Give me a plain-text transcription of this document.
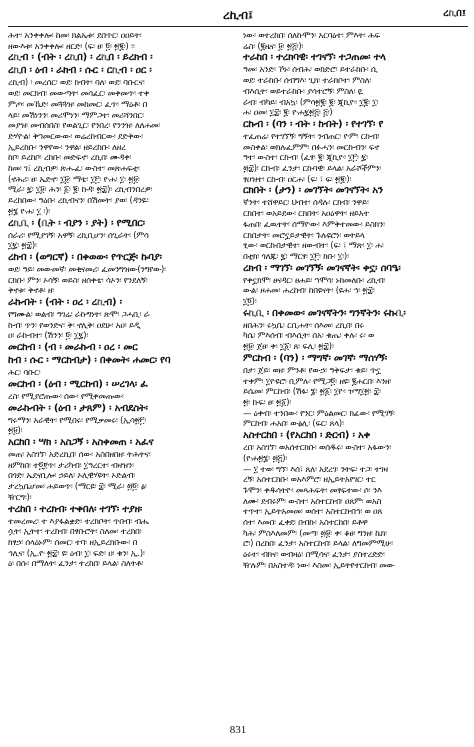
ረኪብ፤	ረኪበ፤
ሕተ፡ አንቀቀሎ፡ ከመ፡ ክልኤቱ፡ ደበጥር፡ ዐዐይት፡
ዘውእቱ፡ አንቀቀሎ፡ ዘርድ፡ (ፍ፡ ፀ፡ ፬፡ ፳፪፡) ፡፡
ረኪብ ፡ (ብት ፡ ረኪበ) ፡ ረኪበ ፡ ይረክብ ፡
ረኪበ ፡ ዕብ ፡ ራክብ ፡ ሱር ፡ ርኪብ ፡ ዐር ፡
ረኪብ) ፡ መረሰር፡ ወደ፡ ክብት፡ ባለ፡ ወደ፡ ባቡርና፡
ወደ፡ መርክብ፡ መውጣት፡ መሳፈር፡ መቀመጥ፡ ተቀ
ምጦ፡ መኼድ፡ መጓጓዝ፡ መከመር፡ ፈጥ፡ ማዕቶ፡ በ
ላይ፡ መሽነንን፡ መሪሞነን፡ ማምጋተ፡ መሪሻንበር፡
መያዝ፡ መብሰበስ፡ የወልጊር፡ የንበረ፡ የንንዝ፡ ለለሐመ፡
ድሃዮል፡ ቅኀመርውው፡ ወሬረከብርው፡ ደድቅው፡
ኢይረከቡ፡ ንዋየው፡ ንዋል፡ ዘይረከቡ፡ ለዘረ
ከቦ፡ ይረከቦ፡ ረከቡ፡ መድፍኖ፡ ረኪበ፡ ሙዳቀ፡
ከመ፡ ገ፤ ረኪብዎ፡ ጽሑፈ፡ ውስተ፡ መጽሐፍቲ፡
(ኖሕሪ፡ ፀ፡ ኤድኖ፡ ፲፱፡ ማቴ፡ ፲፫፡ ዮሐ፡ ፲፡ ፳፱፡
ሚራ፡ ፯፡ ፲፱፡ ሕን፡ ፩፡ ፪፡ ኩዳ፡ ፳፰)፡ ረኪብንበረዎ፡
ይረከበው፡ ዓዕቡ፡ ረኪብናን፡ በሽመት፡ ያወ፡ (ዳንዬ፡
፳፮ ዮሐ፡ ፲ ፡)፡
ረኪቢ ፡ (ቢት ፡ ብያን ፡ ያት) ፡ የሚበር፡
ሰራሪ፡ የሚያገኝ፡ አዋኝ፡ ረኪቢሆን፡ ሰጊራት፡ (ምሳ
፲፯፡ ፳፰)፡
ረከብ ፡ (ወግርኛ) ፡ በቀወው፡ የጥርጅ፡ ኩባያ፡
ወደ፡ ዓይ፡ መውመኛ፡ መቂናመሪ፡ ፈመንግዝው(ንግየው)፡
ርክቡ፡ ምን፡ ኦሳኝ፡ ወይስ፡ ዘሰቀቴ፡ ሳኦን፡ የንደለኝ፡
ቅኖቱ፡ ቅኖቶ፡ ዘ፡
ራኩብት ፡ (ብት ፡ ዐረ ፡ ረኪብ) ፡
የግሙል፡ ወልብ፡ ዓገሬ፡ ራኩግነት፡ ጽሞ፡ ጋሓቢ፡ ራ
ኩብ፡ ጥን፡ የወንድና፡ ቅ፡ ኖሊቅ፡ ዐደሁ፡ አዐ፡ ይዲ
ዐ፡ ራኩብተ፡ (ሽንን፡ ፬፡ ፲፯)፡
መርከብ ፡ (ብ ፡ መራኩብ ፡ ዐረ ፡ መር
ከብ ፡ ሱር ፡ ማርከብታ) ፡ በቀመት፡ ሐመር፡ የባ
ሕር፡ ባቡር፡
መርከብ ፡ (ዕብ ፡ ሚርከብ) ፡ ሠረገላ፡ ፈ
ረስ፡ የሚያሮጡው፡ ሰው፡ የሚቀመጡው፡
መራኩብት ፡ (ዕብ ፡ ታጸም) ፡ አብደስት፡
ግሩማን፡ አራዊት፡ የሚበሩ፡ የሚቃመሩ፡ (ኢሳ፳፫፡
፳፱)፡
አርከበ ፡ ሣክ ፡ አስጋኝ ፡ አስቀመጠ ፡ አፈና
መጠ፡ አስገኘ፡ አድረኪበ፡ ሰው፡ አስበዘበዘ፡ ትሕትና፡
ዘምከበ፡ ተ፬፻ጥ፡ ታሪካብ፡ ፲ዓረርተ፡ ብዛዝን፡
በጎድ፡ ኤደናቢሎ፡ ኃይለ፡ ኦሊዊሃዩት፡ ኦድልብ፡
ታረኳቤሆመ፡ ሐይወጥ፡ (ማርዩ፡ ፰፡ ሚራ፡ ፴፬፡ ፅ፡
ዥርግ፡)፡
ተረከበ ፡ ተረክብ፡ ተቀበለ፡ ተገኘ፡ ተያዘ፡
ተመረመረ፡ ተ እያፋልቋድ፡ ተረክቦት፡ ጥበብ፡ ብሔ
ሷት፡ ኢትተ፡ ተረከብ፡ በፃቡሮት፡ ስለመ፡ ተረክበ፡
ክፃኃ፡ ሰላዕኑም፡ ሰመር፡ ተባ፡ ዘኢይረክቡው፡ በ
ኅሊና፡ (ኢ.ዮ ፳፰፡ ዩ፡ ዕብ፡ ፲፡ ፍድ፡ ዐ፡ ቁን፡ ኢ.)፡
ዕ፡ በሱ፡ በማለት፡ ፈንታ፡ ተረከበ፡ ይላል፡ ስለትቶ፡
ነው፡ ወተረከበ፡ ሰለኩሞን፡ አርባዕተ፡ ምእት፡ ሕፍ
ሬስ፡ (፪ዜና፡ ፱፡ ፳፭፡)፡
ተራከበ ፡ ተረክባዊ፡ ተገናኘ፡ ተጋጠመ፡ ተላ
ዓመ፡ አንድ፡ ኾኑ፡ ሰብሕ፡ ወክድሮ፡ ይተራከቡ፡ ሲ
ወደ፡ ተራከቡ፡ ሰብግእ፡ ጊክ፡ ተራክቦተ፡ ምስለ፡
ብእሲት፡ ወይተራከቡ፡ ያሳተሮኝ፡ ምስለ፡ ዪ
ራብ፡ ብካይ፡ ብአኳ፡ (ምሳ፳፪፡ ፪፡ ጂኪዮ፡ ፲፪፡ ፲፡
ሐ፡ ዐመ፡ ፲፰፡ ፪፡ ዮሐ፯፳፭፡ ፭፡)
ርኩብ ፡ (ባን ፡ ብት ፡ ከብት) ፡ የተገኘ፡ የ
ተፈጠሬ፡ የተገኘኝ፡ ግኝት፡ ንብጠር፡ ዮም፡ ርኩብ፡
መስቀል፡ ወክሉፈምም፡ በፉሓን፡ መርኩብን፡ ፍኖ
ዓተ፡ ውስተ፡ ርኩብ፡ (ፈፃ፡ ፪፡ ጂኪዮ፡ ፲፫፡ ፯፡
፴፰)፡ ርኩብ፡ ፈንታ፡ ርኩባዊ፡ ይላል፡ አራሾችምን፡
ፃዐዝተ፡ ርኩብ፡ ዐርሐ፡ (ፍ፡ ፣ ፍ፡ ፳፪፡)፡
ርክበት ፡ (ታን) ፡ መገኘት፡ መገናኘት፡ አን
ኛንት፡ ተሸዋይር፡ ህብተ፡ ሰዳሉ፡ ርክብ፡ ንዋይ፡
ርክበተ፡ ወአይደው፡ ርክበት፡ አዐዕዋት፡ ዘይአተ
ፋጠበ፡ ፈዉተት፡ ሰማዮው፡ እምቅተመው፡ ይስክን፡
ርክበታት፡ መሮኗይታዊት፡ ጉሉዩሮነ፡ ወትይላ
ፂው፡ ወርኩበታዊተ፡ ዘውብተ፡ (ፍ፡ ፣ ማጽ፡ ፲፡ ሐ፡
በቲክ፡ ጎለጁ፡ ፯፡ ማርፃ፡ ፲፫፡ ክቡ፡ ፲፡)፡
ረክብ ፡ ማገኘ፡ መገኘኝ፡ መገናኛት፡ ቀኗ፡ ሰባዔ፡
የቀኗክሞ፡ ፀናዳር፡ ፀሐይ፡ ኀሞሳ፡ ኑክመለቡ፡ ረኪብ፡
ውል፡ ዞሐመ፡ ሐረከብ፡ ከበዩናት፡ (ዩሐ፡ ኅ፡ ፳፰፡
፲፬)፡
ሩኪቢ ፡ በቀመው፡ መገናኛትን፡ ግንኛትን፡ ሩኩቢ፡
ዘበሕን፡ ሩኳቤ፡ ርቢሐት፡ ሰእመ፡ ረኪበ፡ በሩ
ካሴ፡ ምእሰብ፡ ብእሲት፡ ሰአ፡ ቁጤ፡ ቀሉ፡ ሩ፡ ወ
፳፱፡ ጀፀ፡ ቀ፡ ፲፩፡ ጸ፡ ፍሊ፡ ፳፰)፡
ምርከብ ፡ (ባን) ፡ ማግኛ፡ መገኛ፡ ማሰሃኝ፡
በታ፡ ጀይ፡ ወዘ፡ ምንቶ፡ የውኃ፡ ዓቅፍታ፡ ቁይ፡ ጥኗ
ተቀም፡ ፲ዮዩሮ፡ ቢምሉ፡ የሚጋ፬፡ ዘዩ፡ ፪ሐርበ፡ እንዘ፡
ይሴመ፡ ምርከብ፡ (ሽፋ፡ ፮፡ ፳፩፡ ፲ዮ፡ ዦግ፲፳፡ ፰፡
፳፡ ኩፍ፡ ፀ፡ ፳፩)፡
— ዕቀብ፡ ተንበው፡ የንር፡ ምዕልመር፡ ክፊው፡ የሚገኝ፡
ምርከብ፡ ሐአበ፡ ውፅሊ፡ (ፍር፡ ጸላ)፡
አስተርከበ ፡ (የአርከበ ፡ ድርብ) ፡ አቀ
ረበ፡ አስገኘ፡ ወአሰተርክቡ፡ ወሰዱሩ፡ ውስተ፡ አፋውን፡
(ዮሐ፳፮፡ ፴፭)፡
— ፲ ተወ፡ ግኘ፡ እሰ፣ ጸለ፡ አደረገ፡ ንትፍ፡ ተጋ፡ ተገዛ
ረኝ፡ አሰተርክቡ፡ ወአእምሮ፡ ዘኢይትአየገር፡ ተር
ጉሞን፡ ቀዱሳትዮ፡ መጻሕፍት፡ መፃፍተው፡ ሶ፡ ንእ
ለሙ፡ ደብሩም፡ ውስተ፡ አሰተርከብ፡ ዐጸም፡ ወአስ
ተጥተ፡ ኢይትአመመ፡ ወሰተ፡ አስተርከብኅ፡ ወ ዐጸ
ሰተ፡ እመበ፡ ፈቀደ፡ በብኩ፡ አስተርከበ፡ ይቶዋ
ካሕ፡ ምስእለመም፡ (መጣ፡ ፴፱፡ ቀ፡ ቆፀ፡ ግንዘ፡ ኬክ፡
ሮ፡) በረከበ፡ ፈንታ፡ አስተርከብ፡ ይላል፡ ለግመምሚሁ፡
ዕሩተ፡ ብክና፡ ወብዛዕ፡ በሚሳና፡ ፈንታ፡ ያስተረድድ፡
ዥሉም፡ በአስተዳ፡ ነው፡ እስመ፡ ኢይትየተርከብ፡ መው
831
